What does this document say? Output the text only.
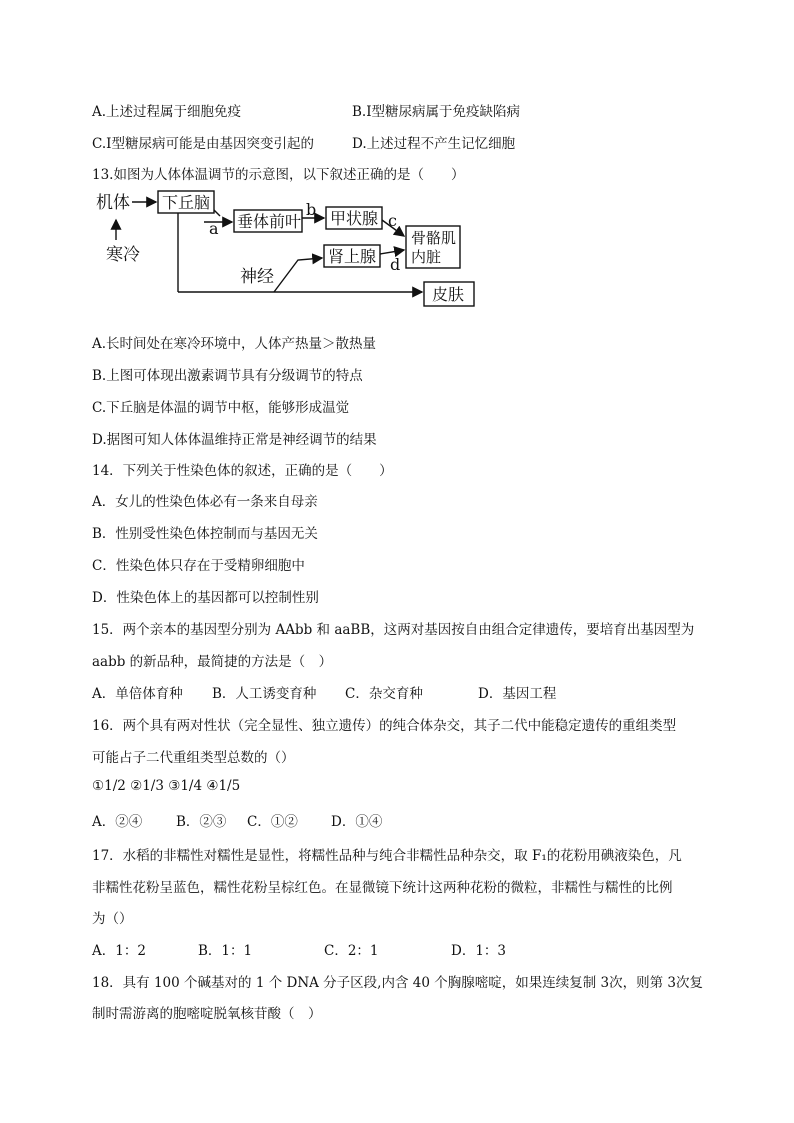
A.上述过程属于细胞免疫	B.Ⅰ型糖尿病属于免疫缺陷病
C.Ⅰ型糖尿病可能是由基因突变引起的	D.上述过程不产生记忆细胞
13.如图为人体体温调节的示意图，以下叙述正确的是（　　）
机体
寒冷
下丘脑
a 垂体前叶
b 甲状腺 c
骨骼肌
内脏
神经
肾上腺 d
皮肤
A.长时间处在寒冷环境中，人体产热量＞散热量
B.上图可体现出激素调节具有分级调节的特点
C.下丘脑是体温的调节中枢，能够形成温觉
D.据图可知人体体温维持正常是神经调节的结果
14．下列关于性染色体的叙述，正确的是（　　）
A．女儿的性染色体必有一条来自母亲
B．性别受性染色体控制而与基因无关
C．性染色体只存在于受精卵细胞中
D．性染色体上的基因都可以控制性别
15．两个亲本的基因型分别为 AAbb 和 aaBB，这两对基因按自由组合定律遗传，要培育出基因型为
aabb 的新品种，最简捷的方法是（　）
A．单倍体育种 B．人工诱变育种 C．杂交育种	D．基因工程
16．两个具有两对性状（完全显性、独立遗传）的纯合体杂交，其子二代中能稳定遗传的重组类型
可能占子二代重组类型总数的（）
①1/2 ②1/3 ③1/4 ④1/5
A．②④	B．②③ C．①② D．①④
17．水稻的非糯性对糯性是显性，将糯性品种与纯合非糯性品种杂交，取 F₁的花粉用碘液染色，凡
非糯性花粉呈蓝色，糯性花粉呈棕红色。在显微镜下统计这两种花粉的微粒，非糯性与糯性的比例
为（）
A．1：2	B．1：1	C．2：1	D．1：3
18．具有 100 个碱基对的 1 个 DNA 分子区段,内含 40 个胸腺嘧啶，如果连续复制 3次，则第 3次复
制时需游离的胞嘧啶脱氧核苷酸（　）
